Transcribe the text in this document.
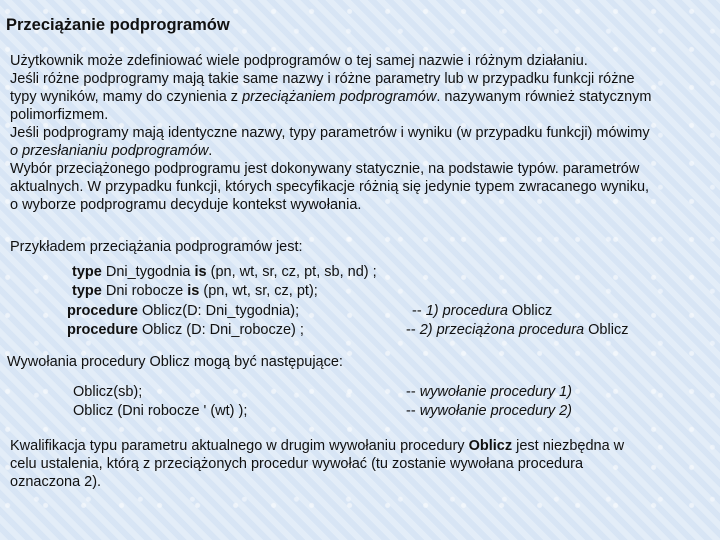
Przeciążanie podprogramów
Użytkownik może zdefiniować wiele podprogramów o tej samej nazwie i różnym działaniu.
Jeśli różne podprogramy mają takie same nazwy i różne parametry lub w przypadku funkcji różne
typy wyników, mamy do czynienia z przeciążaniem podprogramów. nazywanym również statycznym
polimorfizmem.
Jeśli podprogramy mają identyczne nazwy, typy parametrów i wyniku (w przypadku funkcji) mówimy
o przesłanianiu podprogramów.
Wybór przeciążonego podprogramu jest dokonywany statycznie, na podstawie typów. parametrów
aktualnych. W przypadku funkcji, których specyfikacje różnią się jedynie typem zwracanego wyniku,
o wyborze podprogramu decyduje kontekst wywołania.
Przykładem przeciążania podprogramów jest:
type Dni_tygodnia is (pn, wt, sr, cz, pt, sb, nd) ;
type Dni robocze is (pn, wt, sr, cz, pt);
procedure Oblicz(D: Dni_tygodnia);
procedure Oblicz (D: Dni_robocze) ;
-- 1) procedura Oblicz
-- 2) przeciążona procedura Oblicz
Wywołania procedury Oblicz mogą być następujące:
Oblicz(sb);
Oblicz (Dni robocze ' (wt) );
-- wywołanie procedury 1)
-- wywołanie procedury 2)
Kwalifikacja typu parametru aktualnego w drugim wywołaniu procedury Oblicz jest niezbędna w
celu ustalenia, którą z przeciążonych procedur wywołać (tu zostanie wywołana procedura
oznaczona 2).
